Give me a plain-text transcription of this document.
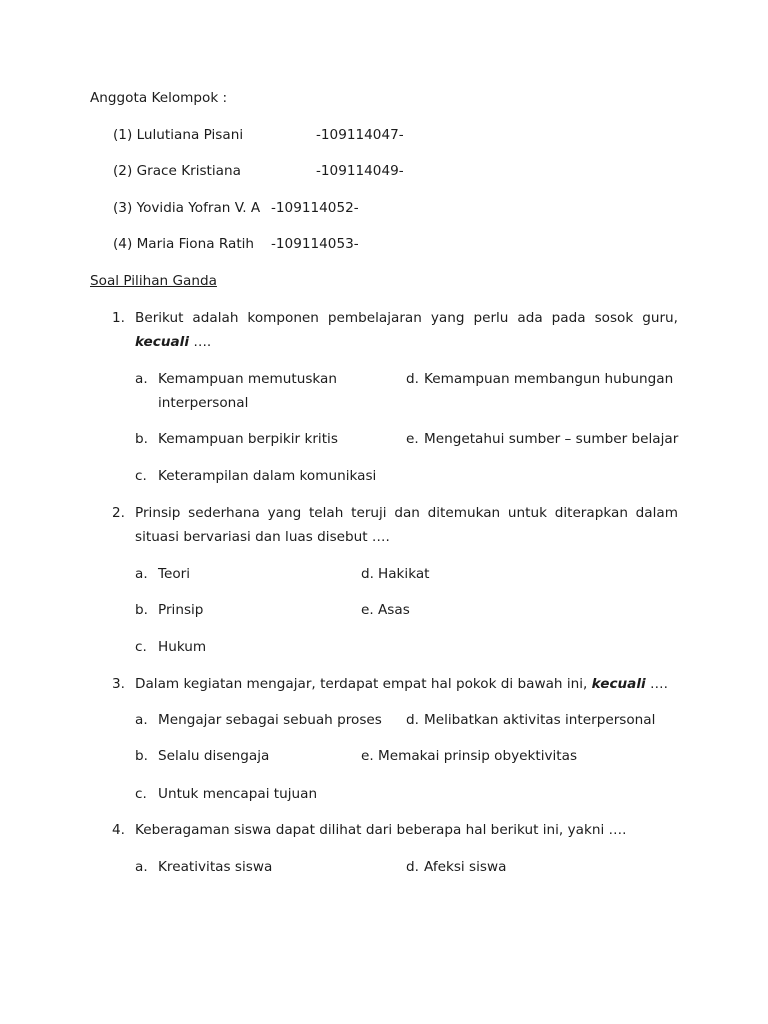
Anggota Kelompok :
(1) Lulutiana Pisani	-109114047-
(2) Grace Kristiana	-109114049-
(3) Yovidia Yofran V. A -109114052-
(4) Maria Fiona Ratih -109114053-
Soal Pilihan Ganda
1. Berikut adalah komponen pembelajaran yang perlu ada pada sosok guru,
kecuali ….
a. Kemampuan memutuskan	d. Kemampuan membangun hubungan
interpersonal
b. Kemampuan berpikir kritis	e. Mengetahui sumber – sumber belajar
c. Keterampilan dalam komunikasi
2. Prinsip sederhana yang telah teruji dan ditemukan untuk diterapkan dalam
situasi bervariasi dan luas disebut ….
a. Teori	d. Hakikat
b. Prinsip	e. Asas
c. Hukum
3. Dalam kegiatan mengajar, terdapat empat hal pokok di bawah ini, kecuali ….
a. Mengajar sebagai sebuah proses d. Melibatkan aktivitas interpersonal
b. Selalu disengaja	e. Memakai prinsip obyektivitas
c. Untuk mencapai tujuan
4. Keberagaman siswa dapat dilihat dari beberapa hal berikut ini, yakni ….
a. Kreativitas siswa	d. Afeksi siswa
